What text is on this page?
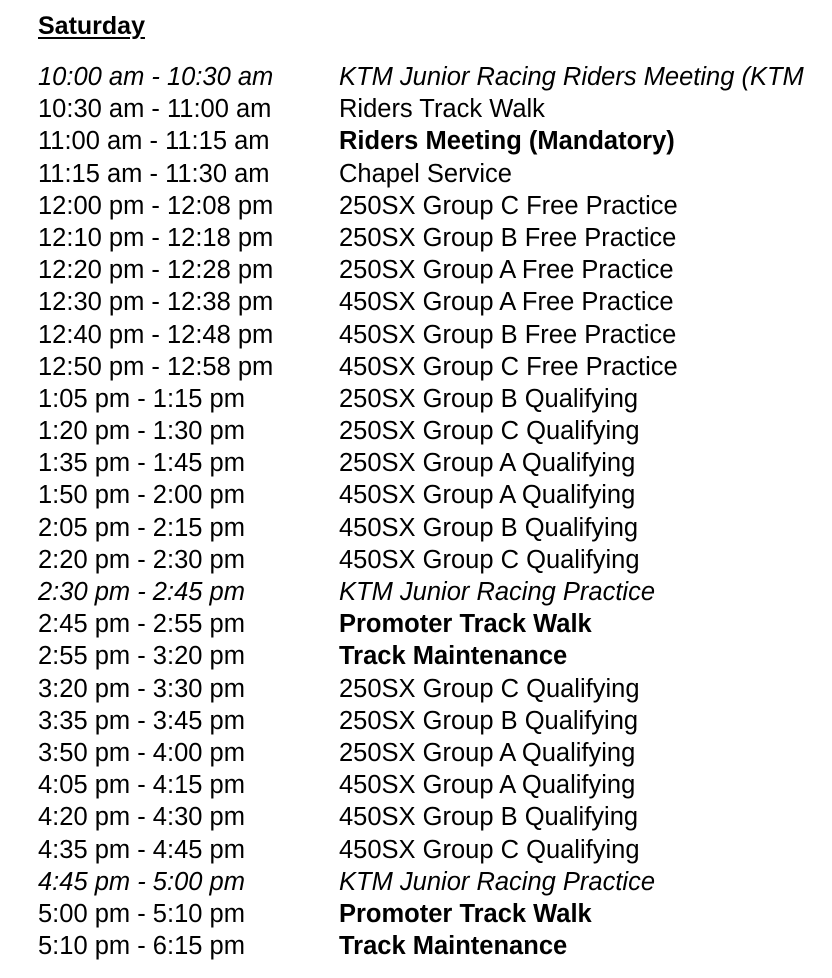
Saturday
10:00 am - 10:30 am	KTM Junior Racing Riders Meeting (KTM
10:30 am - 11:00 am	Riders Track Walk
11:00 am - 11:15 am	Riders Meeting (Mandatory)
11:15 am - 11:30 am	Chapel Service
12:00 pm - 12:08 pm	250SX Group C Free Practice
12:10 pm - 12:18 pm	250SX Group B Free Practice
12:20 pm - 12:28 pm	250SX Group A Free Practice
12:30 pm - 12:38 pm	450SX Group A Free Practice
12:40 pm - 12:48 pm	450SX Group B Free Practice
12:50 pm - 12:58 pm	450SX Group C Free Practice
1:05 pm - 1:15 pm	250SX Group B Qualifying
1:20 pm - 1:30 pm	250SX Group C Qualifying
1:35 pm - 1:45 pm	250SX Group A Qualifying
1:50 pm - 2:00 pm	450SX Group A Qualifying
2:05 pm - 2:15 pm	450SX Group B Qualifying
2:20 pm - 2:30 pm	450SX Group C Qualifying
2:30 pm - 2:45 pm	KTM Junior Racing Practice
2:45 pm - 2:55 pm	Promoter Track Walk
2:55 pm - 3:20 pm	Track Maintenance
3:20 pm - 3:30 pm	250SX Group C Qualifying
3:35 pm - 3:45 pm	250SX Group B Qualifying
3:50 pm - 4:00 pm	250SX Group A Qualifying
4:05 pm - 4:15 pm	450SX Group A Qualifying
4:20 pm - 4:30 pm	450SX Group B Qualifying
4:35 pm - 4:45 pm	450SX Group C Qualifying
4:45 pm - 5:00 pm	KTM Junior Racing Practice
5:00 pm - 5:10 pm	Promoter Track Walk
5:10 pm - 6:15 pm	Track Maintenance
